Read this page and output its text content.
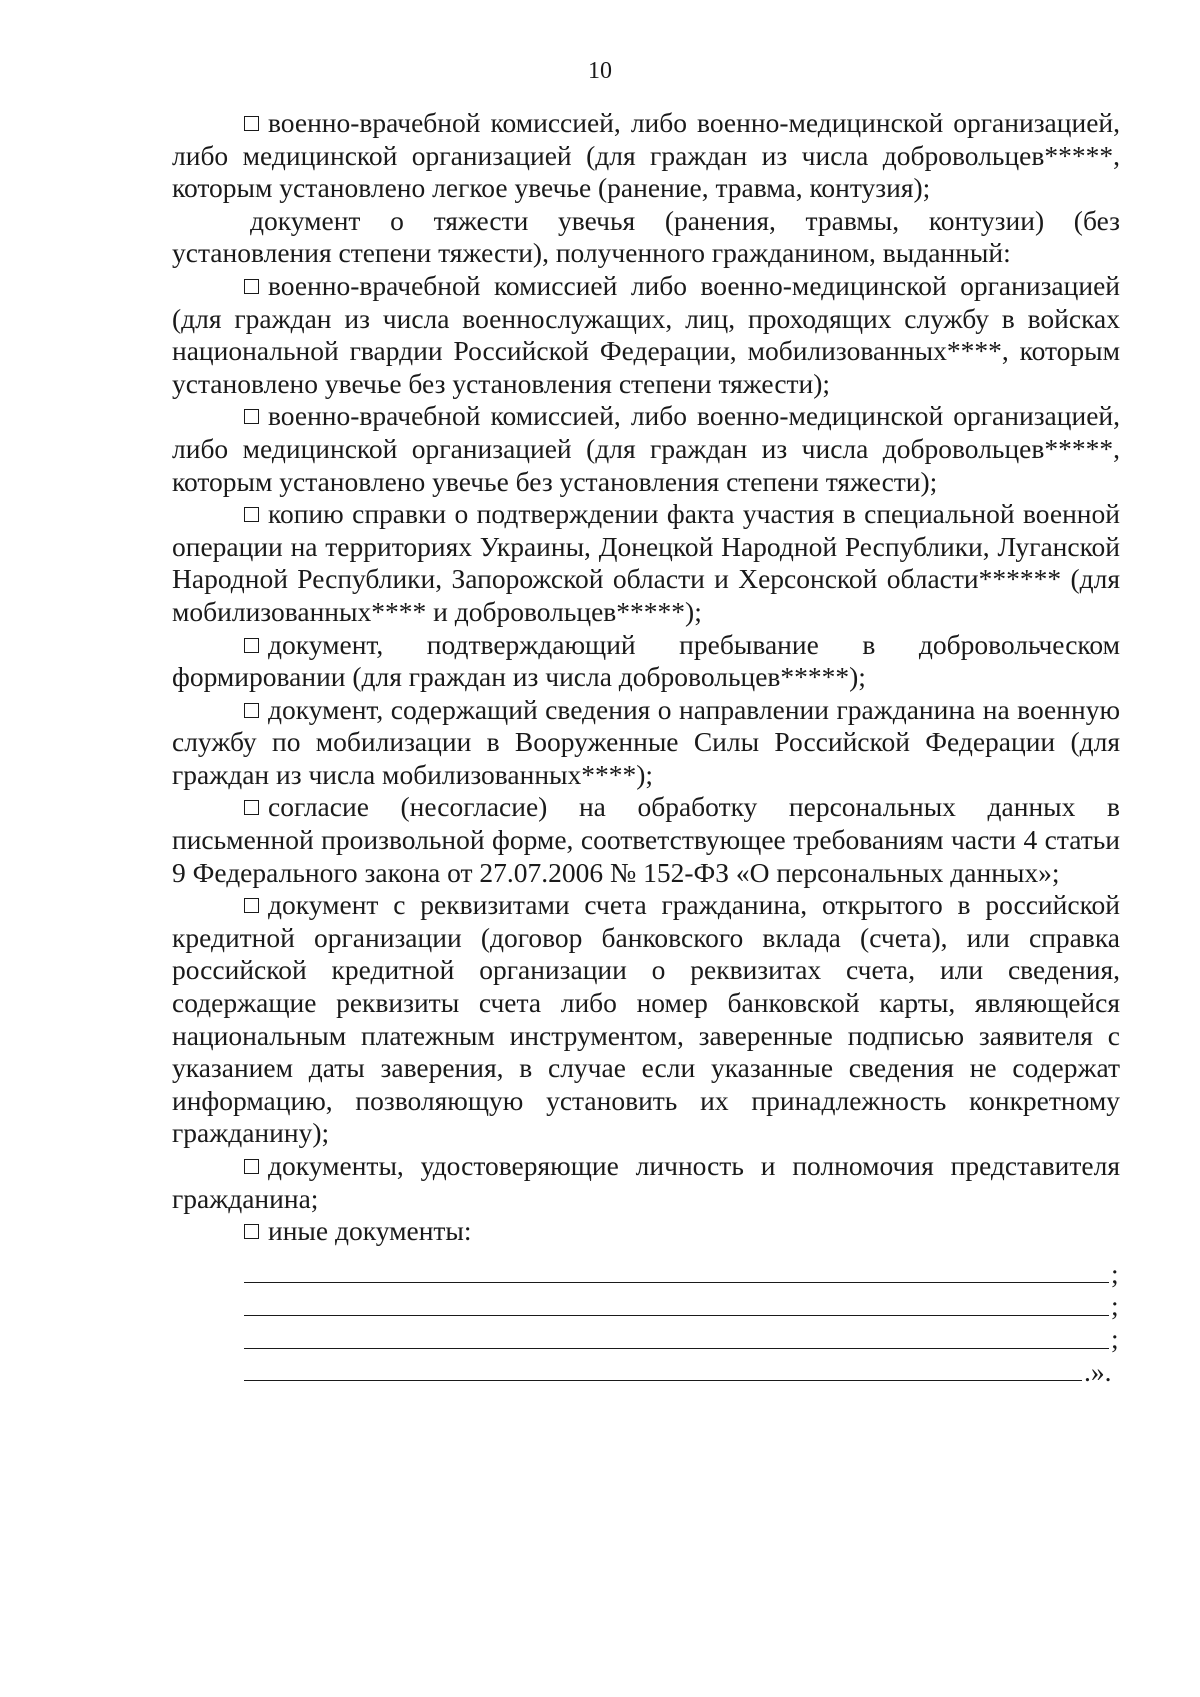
10

военно-врачебной комиссией, либо военно-медицинской организацией, либо медицинской организацией (для граждан из числа добровольцев*****, которым установлено легкое увечье (ранение, травма, контузия);

документ о тяжести увечья (ранения, травмы, контузии) (без установления степени тяжести), полученного гражданином, выданный:

военно-врачебной комиссией либо военно-медицинской организацией (для граждан из числа военнослужащих, лиц, проходящих службу в войсках национальной гвардии Российской Федерации, мобилизованных****, которым установлено увечье без установления степени тяжести);

военно-врачебной комиссией, либо военно-медицинской организацией, либо медицинской организацией (для граждан из числа добровольцев*****, которым установлено увечье без установления степени тяжести);

копию справки о подтверждении факта участия в специальной военной операции на территориях Украины, Донецкой Народной Республики, Луганской Народной Республики, Запорожской области и Херсонской области****** (для мобилизованных**** и добровольцев*****);

документ, подтверждающий пребывание в добровольческом формировании (для граждан из числа добровольцев*****);

документ, содержащий сведения о направлении гражданина на военную службу по мобилизации в Вооруженные Силы Российской Федерации (для граждан из числа мобилизованных****);

согласие (несогласие) на обработку персональных данных в письменной произвольной форме, соответствующее требованиям части 4 статьи 9 Федерального закона от 27.07.2006 № 152-ФЗ «О персональных данных»;

документ с реквизитами счета гражданина, открытого в российской кредитной организации (договор банковского вклада (счета), или справка российской кредитной организации о реквизитах счета, или сведения, содержащие реквизиты счета либо номер банковской карты, являющейся национальным платежным инструментом, заверенные подписью заявителя с указанием даты заверения, в случае если указанные сведения не содержат информацию, позволяющую установить их принадлежность конкретному гражданину);

документы, удостоверяющие личность и полномочия представителя гражданина;

иные документы:

;
;
;
.».
